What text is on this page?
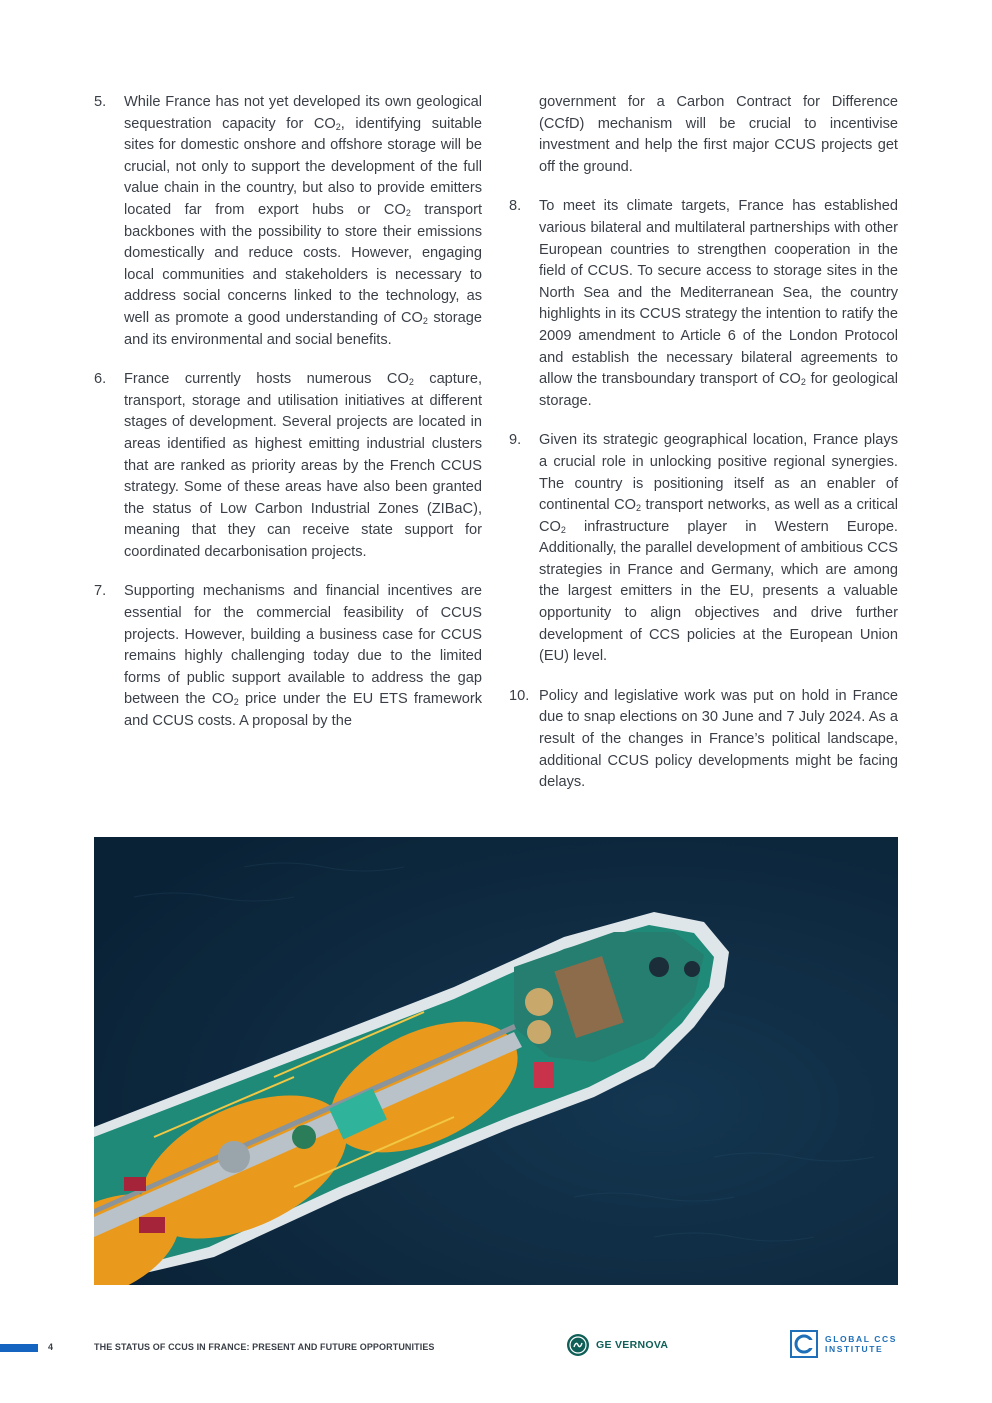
5.	While France has not yet developed its own geological sequestration capacity for $CO_2$, identifying suitable sites for domestic onshore and offshore storage will be crucial, not only to support the development of the full value chain in the country, but also to provide emitters located far from export hubs or $CO_2$ transport backbones with the possibility to store their emissions domestically and reduce costs. However, engaging local communities and stakeholders is necessary to address social concerns linked to the technology, as well as promote a good understanding of $CO_2$ storage and its environmental and social benefits.
6.	France currently hosts numerous $CO_2$ capture, transport, storage and utilisation initiatives at different stages of development. Several projects are located in areas identified as highest emitting industrial clusters that are ranked as priority areas by the French CCUS strategy. Some of these areas have also been granted the status of Low Carbon Industrial Zones (ZIBaC), meaning that they can receive state support for coordinated decarbonisation projects.
7.	Supporting mechanisms and financial incentives are essential for the commercial feasibility of CCUS projects. However, building a business case for CCUS remains highly challenging today due to the limited forms of public support available to address the gap between the $CO_2$ price under the EU ETS framework and CCUS costs. A proposal by the
government for a Carbon Contract for Difference (CCfD) mechanism will be crucial to incentivise investment and help the first major CCUS projects get off the ground.
8.	To meet its climate targets, France has established various bilateral and multilateral partnerships with other European countries to strengthen cooperation in the field of CCUS. To secure access to storage sites in the North Sea and the Mediterranean Sea, the country highlights in its CCUS strategy the intention to ratify the 2009 amendment to Article 6 of the London Protocol and establish the necessary bilateral agreements to allow the transboundary transport of $CO_2$ for geological storage.
9.	Given its strategic geographical location, France plays a crucial role in unlocking positive regional synergies. The country is positioning itself as an enabler of continental $CO_2$ transport networks, as well as a critical $CO_2$ infrastructure player in Western Europe. Additionally, the parallel development of ambitious CCS strategies in France and Germany, which are among the largest emitters in the EU, presents a valuable opportunity to align objectives and drive further development of CCS policies at the European Union (EU) level.
10. Policy and legislative work was put on hold in France due to snap elections on 30 June and 7 July 2024. As a result of the changes in France’s political landscape, additional CCUS policy developments might be facing delays.
4	THE STATUS OF CCUS IN FRANCE: PRESENT AND FUTURE OPPORTUNITIES	GE VERNOVA	GLOBAL CCS
INSTITUTE
